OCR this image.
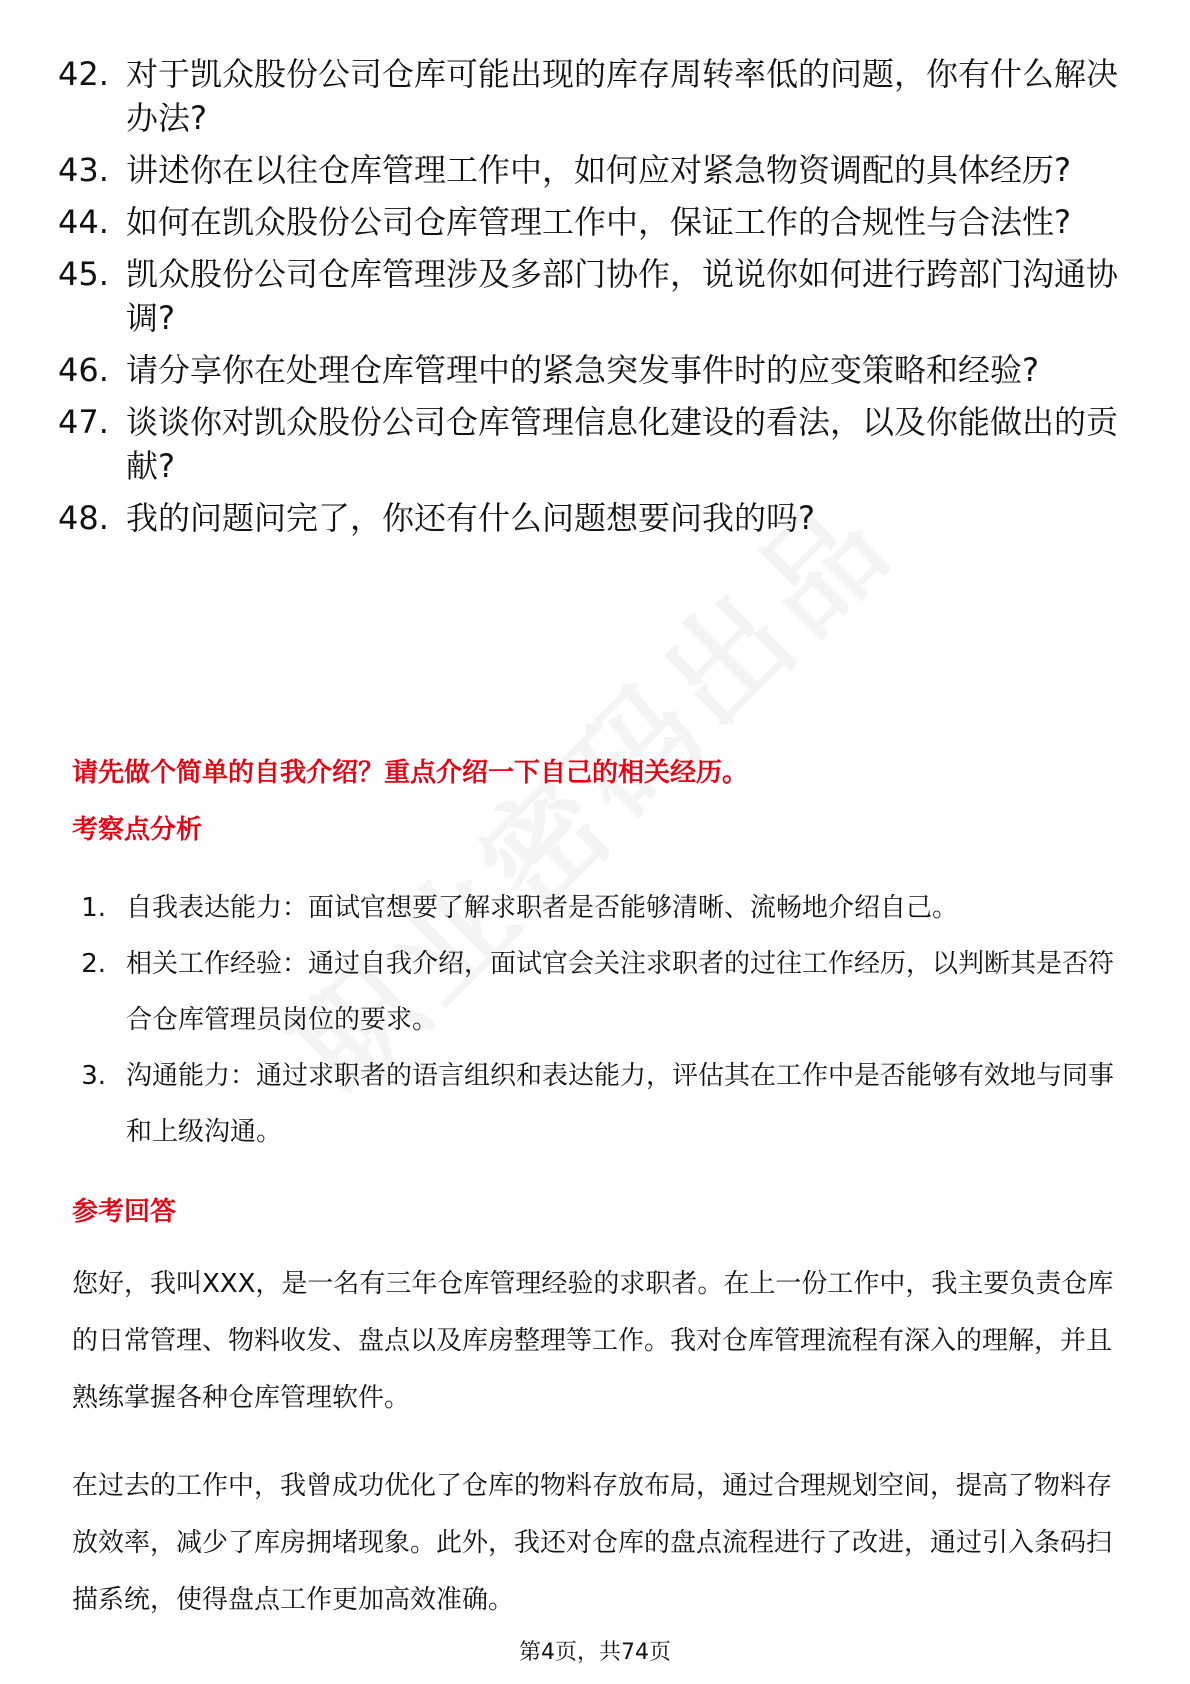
42. 对于凯众股份公司仓库可能出现的库存周转率低的问题，你有什么解决办法?
43. 讲述你在以往仓库管理工作中，如何应对紧急物资调配的具体经历?
44. 如何在凯众股份公司仓库管理工作中，保证工作的合规性与合法性?
45. 凯众股份公司仓库管理涉及多部门协作，说说你如何进行跨部门沟通协调?
46. 请分享你在处理仓库管理中的紧急突发事件时的应变策略和经验?
47. 谈谈你对凯众股份公司仓库管理信息化建设的看法，以及你能做出的贡献?
48. 我的问题问完了，你还有什么问题想要问我的吗?
请先做个简单的自我介绍？重点介绍一下自己的相关经历。
考察点分析
1. 自我表达能力：面试官想要了解求职者是否能够清晰、流畅地介绍自己。
2. 相关工作经验：通过自我介绍，面试官会关注求职者的过往工作经历，以判断其是否符合仓库管理员岗位的要求。
3. 沟通能力：通过求职者的语言组织和表达能力，评估其在工作中是否能够有效地与同事和上级沟通。
参考回答

您好，我叫XXX，是一名有三年仓库管理经验的求职者。在上一份工作中，我主要负责仓库的日常管理、物料收发、盘点以及库房整理等工作。我对仓库管理流程有深入的理解，并且熟练掌握各种仓库管理软件。

在过去的工作中，我曾成功优化了仓库的物料存放布局，通过合理规划空间，提高了物料存放效率，减少了库房拥堵现象。此外，我还对仓库的盘点流程进行了改进，通过引入条码扫描系统，使得盘点工作更加高效准确。

第4页，共74页
